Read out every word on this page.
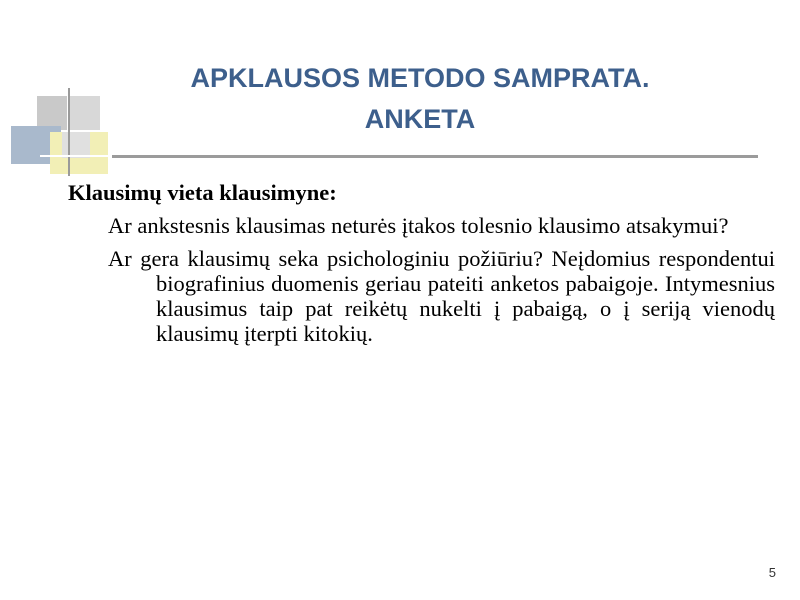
APKLAUSOS METODO SAMPRATA.
ANKETA
Klausimų vieta klausimyne:
Ar ankstesnis klausimas neturės įtakos tolesnio klausimo atsakymui?
Ar gera klausimų seka psichologiniu požiūriu? Neįdomius respondentui biografinius duomenis geriau pateiti anketos pabaigoje. Intymesnius klausimus taip pat reikėtų nukelti į pabaigą, o į seriją vienodų klausimų įterpti kitokių.
5
